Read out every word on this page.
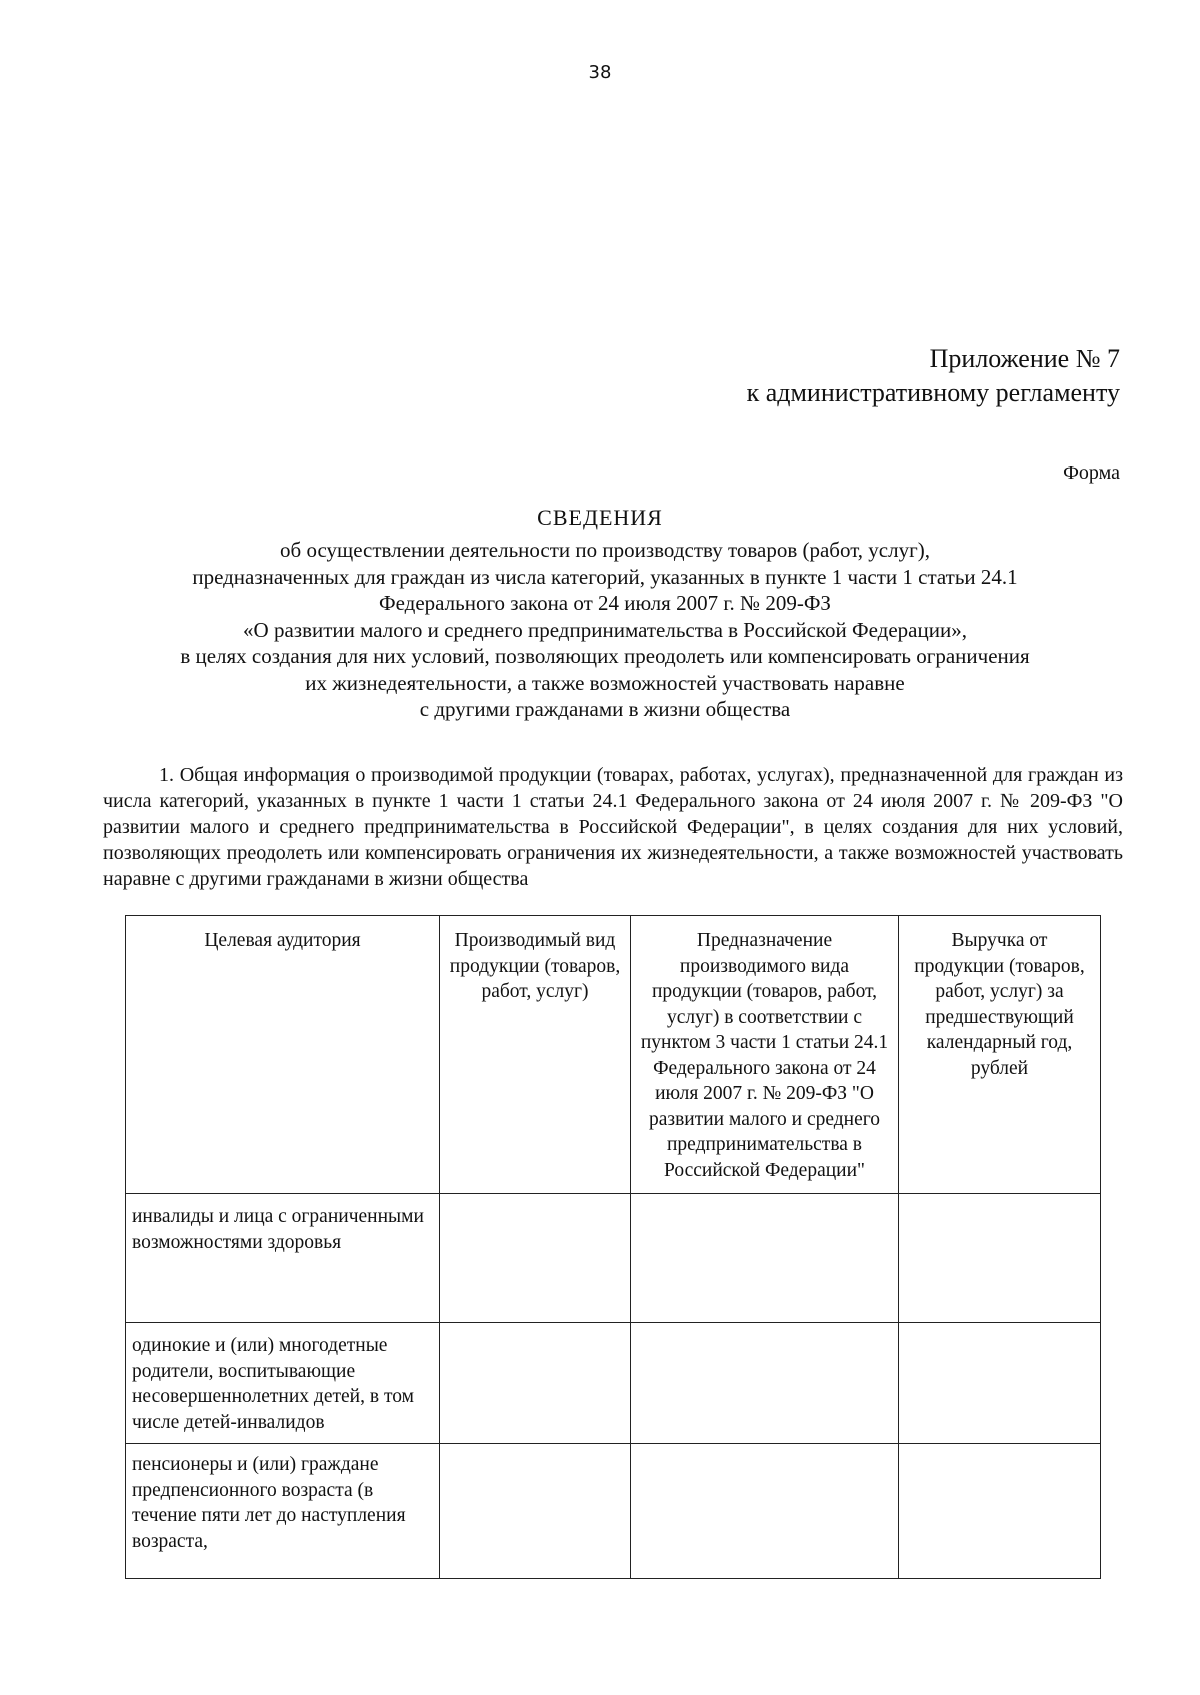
38
Приложение № 7
к административному регламенту
Форма
СВЕДЕНИЯ
об осуществлении деятельности по производству товаров (работ, услуг),
предназначенных для граждан из числа категорий, указанных в пункте 1 части 1 статьи 24.1
Федерального закона от 24 июля 2007 г. № 209-ФЗ
«О развитии малого и среднего предпринимательства в Российской Федерации»,
в целях создания для них условий, позволяющих преодолеть или компенсировать ограничения
их жизнедеятельности, а также возможностей участвовать наравне
с другими гражданами в жизни общества

1. Общая информация о производимой продукции (товарах, работах, услугах), предназначенной для граждан из числа категорий, указанных в пункте 1 части 1 статьи 24.1 Федерального закона от 24 июля 2007 г. № 209-ФЗ "О развитии малого и среднего предпринимательства в Российской Федерации", в целях создания для них условий, позволяющих преодолеть или компенсировать ограничения их жизнедеятельности, а также возможностей участвовать наравне с другими гражданами в жизни общества

Целевая аудитория	Производимый вид продукции (товаров, работ, услуг)	Предназначение производимого вида продукции (товаров, работ, услуг) в соответствии с пунктом 3 части 1 статьи 24.1 Федерального закона от 24 июля 2007 г. № 209-ФЗ "О развитии малого и среднего предпринимательства в Российской Федерации"	Выручка от продукции (товаров, работ, услуг) за предшествующий календарный год, рублей
инвалиды и лица с ограниченными возможностями здоровья			
одинокие и (или) многодетные родители, воспитывающие несовершеннолетних детей, в том числе детей-инвалидов			
пенсионеры и (или) граждане предпенсионного возраста (в течение пяти лет до наступления возраста,			
